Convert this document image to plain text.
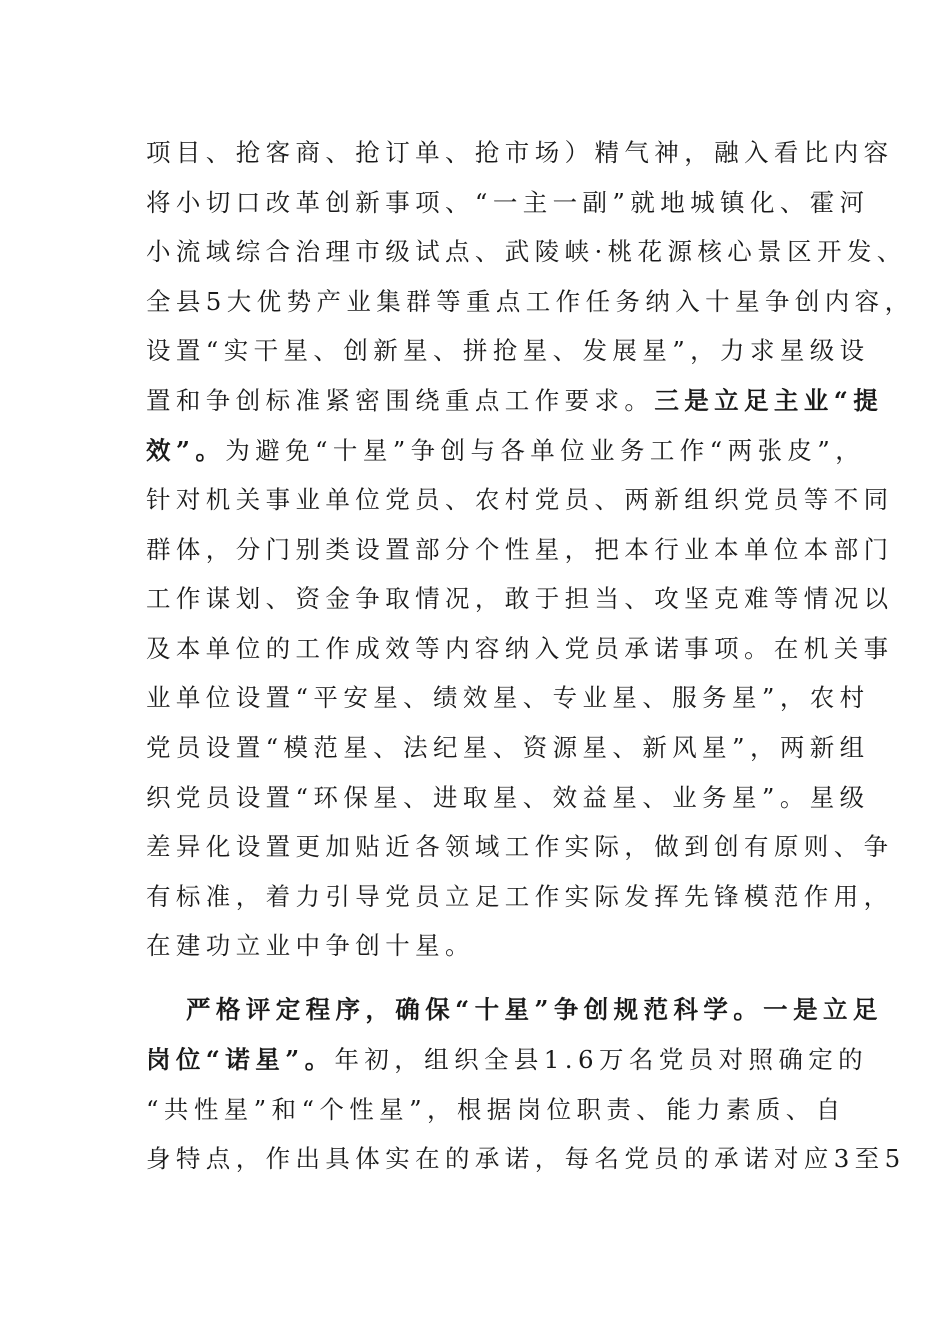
项目、抢客商、抢订单、抢市场）精气神，融入看比内容
将小切口改革创新事项、“一主一副”就地城镇化、霍河
小流域综合治理市级试点、武陵峡·桃花源核心景区开发、
全县5大优势产业集群等重点工作任务纳入十星争创内容，
设置“实干星、创新星、拼抢星、发展星”，力求星级设
置和争创标准紧密围绕重点工作要求。三是立足主业“提
效”。为避免“十星”争创与各单位业务工作“两张皮”，
针对机关事业单位党员、农村党员、两新组织党员等不同
群体，分门别类设置部分个性星，把本行业本单位本部门
工作谋划、资金争取情况，敢于担当、攻坚克难等情况以
及本单位的工作成效等内容纳入党员承诺事项。在机关事
业单位设置“平安星、绩效星、专业星、服务星”，农村
党员设置“模范星、法纪星、资源星、新风星”，两新组
织党员设置“环保星、进取星、效益星、业务星”。星级
差异化设置更加贴近各领域工作实际，做到创有原则、争
有标准，着力引导党员立足工作实际发挥先锋模范作用，
在建功立业中争创十星。
严格评定程序，确保“十星”争创规范科学。一是立足
岗位“诺星”。年初，组织全县1.6万名党员对照确定的
“共性星”和“个性星”，根据岗位职责、能力素质、自
身特点，作出具体实在的承诺，每名党员的承诺对应3至5
